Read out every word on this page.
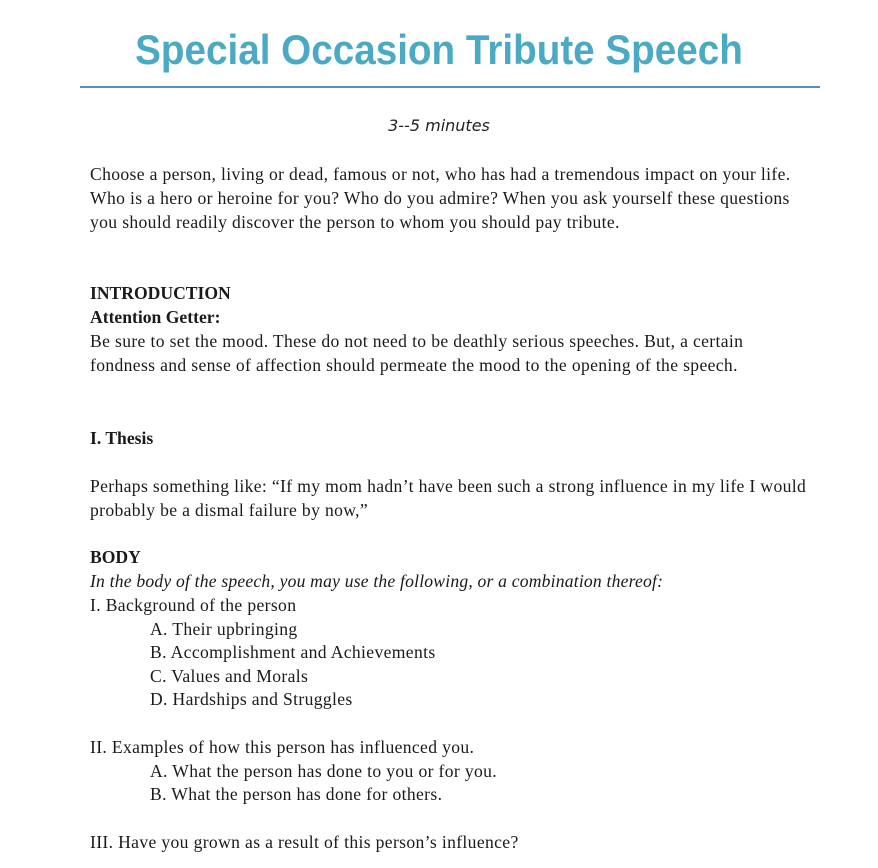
Special Occasion Tribute Speech
3--5 minutes

Choose a person, living or dead, famous or not, who has had a tremendous impact on your life. Who is a hero or heroine for you? Who do you admire? When you ask yourself these questions you should readily discover the person to whom you should pay tribute.

INTRODUCTION
Attention Getter:

Be sure to set the mood. These do not need to be deathly serious speeches. But, a certain fondness and sense of affection should permeate the mood to the opening of the speech.

I. Thesis

Perhaps something like: “If my mom hadn’t have been such a strong influence in my life I would probably be a dismal failure by now,”

BODY
In the body of the speech, you may use the following, or a combination thereof:
I. Background of the person
A. Their upbringing
B. Accomplishment and Achievements
C. Values and Morals
D. Hardships and Struggles
II. Examples of how this person has influenced you.
A. What the person has done to you or for you.
B. What the person has done for others.
III. Have you grown as a result of this person’s influence?
